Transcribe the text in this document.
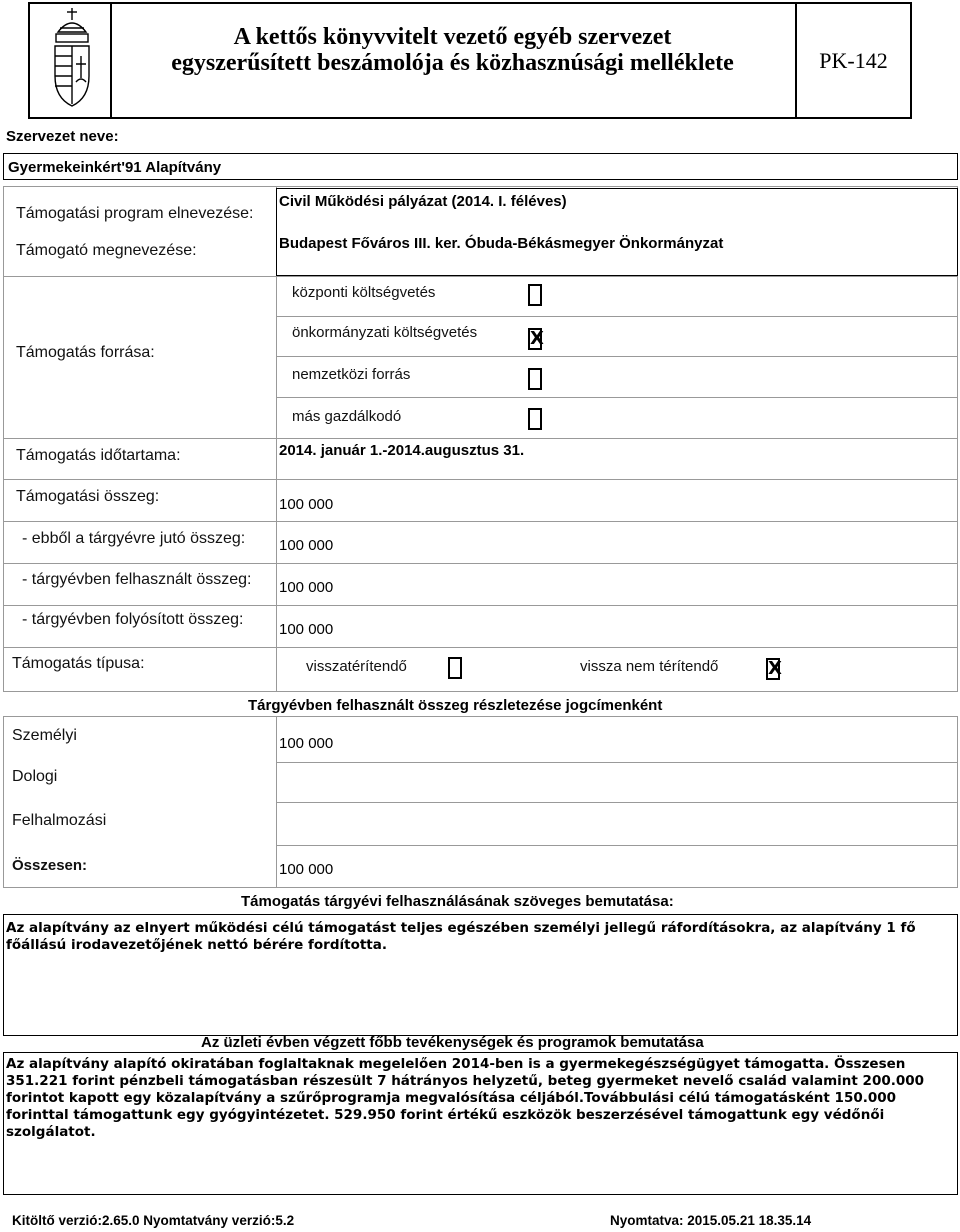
A kettős könyvvitelt vezető egyéb szervezet
egyszerűsített beszámolója és közhasznúsági melléklete	PK-142
Szervezet neve:
Gyermekeinkért'91 Alapítvány
Támogatási program elnevezése:
Civil Működési pályázat (2014. I. féléves)
Támogató megnevezése:	Budapest Főváros III. ker. Óbuda-Békásmegyer Önkormányzat
Támogatás forrása:
központi költségvetés
önkormányzati költségvetés	X
nemzetközi forrás
más gazdálkodó
Támogatás időtartama:	2014. január 1.-2014.augusztus 31.
Támogatási összeg:	100 000
- ebből a tárgyévre jutó összeg: 100 000
- tárgyévben felhasznált összeg: 100 000
- tárgyévben folyósított összeg:
100 000
Támogatás típusa:	visszatérítendő	vissza nem térítendő	X
Tárgyévben felhasznált összeg részletezése jogcímenként
Személyi	100 000
Dologi
Felhalmozási
Összesen:	100 000
Támogatás tárgyévi felhasználásának szöveges bemutatása:
Az alapítvány az elnyert működési célú támogatást teljes egészében személyi jellegű ráfordításokra, az alapítvány 1 fő főállású irodavezetőjének nettó bérére fordította.
Az üzleti évben végzett főbb tevékenységek és programok bemutatása
Az alapítvány alapító okiratában foglaltaknak megelelően 2014-ben is a gyermekegészségügyet támogatta. Összesen 351.221 forint pénzbeli támogatásban részesült 7 hátrányos helyzetű, beteg gyermeket nevelő család valamint 200.000 forintot kapott egy közalapítvány a szűrőprogramja megvalósítása céljából.Továbbulási célú támogatásként 150.000 forinttal támogattunk egy gyógyintézetet. 529.950 forint értékű eszközök beszerzésével támogattunk egy védőnői szolgálatot.
Kitöltő verzió:2.65.0 Nyomtatvány verzió:5.2	Nyomtatva: 2015.05.21 18.35.14
